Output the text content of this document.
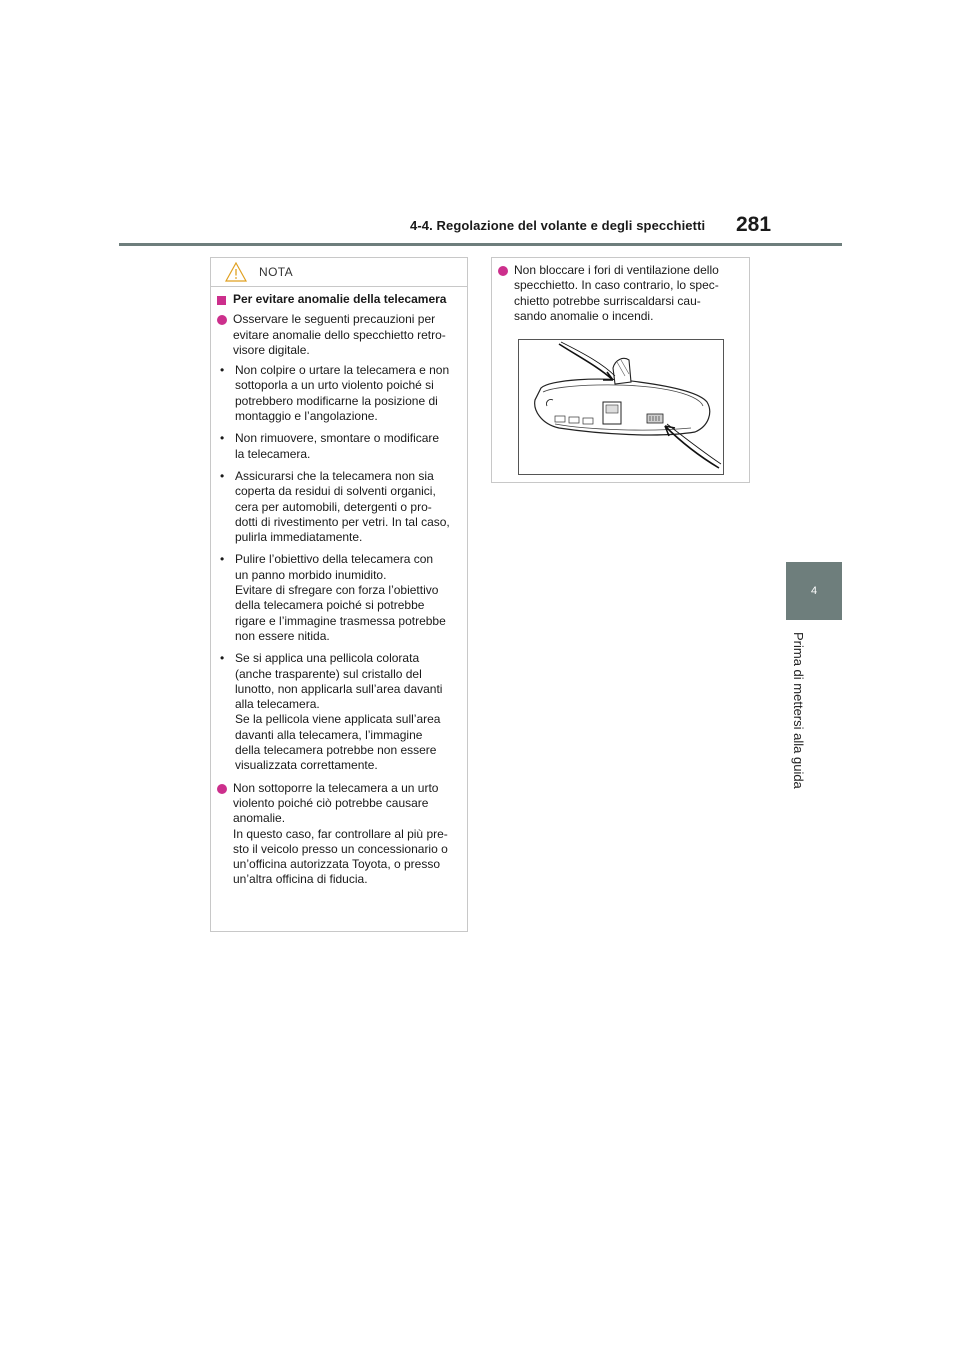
4-4. Regolazione del volante e degli specchietti 281
4
Prima di mettersi alla guida
NOTA
Per evitare anomalie della telecamera
Osservare le seguenti precauzioni per
evitare anomalie dello specchietto retro-
visore digitale.
• Non colpire o urtare la telecamera e non
sottoporla a un urto violento poiché si
potrebbero modificarne la posizione di
montaggio e l’angolazione.
• Non rimuovere, smontare o modificare
la telecamera.
• Assicurarsi che la telecamera non sia
coperta da residui di solventi organici,
cera per automobili, detergenti o pro-
dotti di rivestimento per vetri. In tal caso,
pulirla immediatamente.
• Pulire l’obiettivo della telecamera con
un panno morbido inumidito.
Evitare di sfregare con forza l’obiettivo
della telecamera poiché si potrebbe
rigare e l’immagine trasmessa potrebbe
non essere nitida.
• Se si applica una pellicola colorata
(anche trasparente) sul cristallo del
lunotto, non applicarla sull’area davanti
alla telecamera.
Se la pellicola viene applicata sull’area
davanti alla telecamera, l’immagine
della telecamera potrebbe non essere
visualizzata correttamente.
Non sottoporre la telecamera a un urto
violento poiché ciò potrebbe causare
anomalie.
In questo caso, far controllare al più pre-
sto il veicolo presso un concessionario o
un’officina autorizzata Toyota, o presso
un’altra officina di fiducia.
Non bloccare i fori di ventilazione dello
specchietto. In caso contrario, lo spec-
chietto potrebbe surriscaldarsi cau-
sando anomalie o incendi.
